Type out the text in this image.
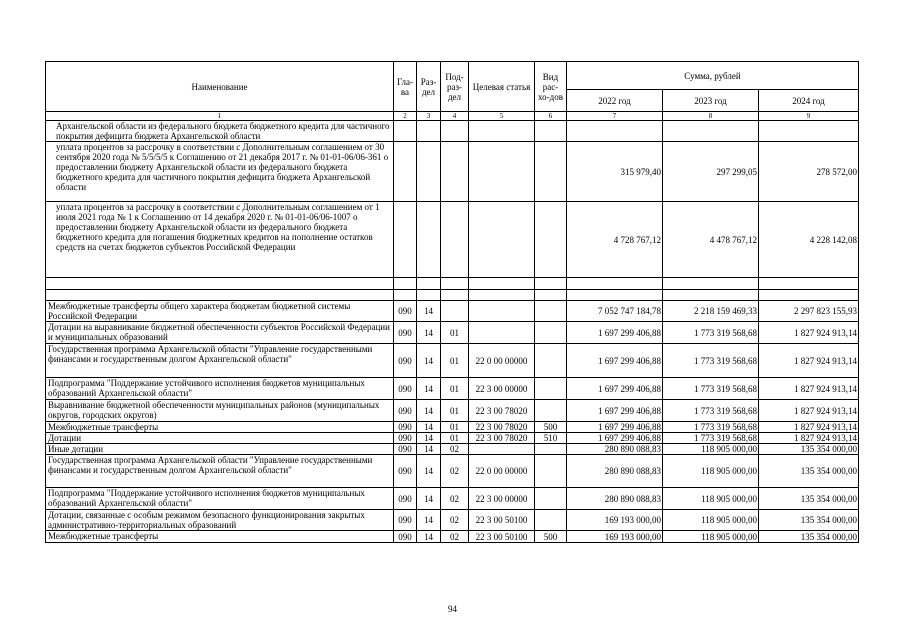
Наименование	Гла-ва	Раз-дел	Под-раз-дел	Целевая статья	Вид рас-хо-дов	Сумма, рублей		
						2022 год	2023 год	2024 год
1	2	3	4	5	6	7	8	9
Архангельской области из федерального бюджета бюджетного кредита для частичного покрытия дефицита бюджета Архангельской области								
уплата процентов за рассрочку в соответствии с Дополнительным соглашением от 30 сентября 2020 года № 5/5/5/5 к Соглашению от 21 декабря 2017 г. № 01-01-06/06-361 о предоставлении бюджету Архангельской области из федерального бюджета бюджетного кредита для частичного покрытия дефицита бюджета Архангельской области						315 979,40	297 299,05	278 572,00
уплата процентов за рассрочку в соответствии с Дополнительным соглашением от 1 июля 2021 года № 1 к Соглашению от 14 декабря 2020 г. № 01-01-06/06-1007 о предоставлении бюджету Архангельской области из федерального бюджета бюджетного кредита для погашения бюджетных кредитов на пополнение остатков средств на счетах бюджетов субъектов Российской Федерации						4 728 767,12	4 478 767,12	4 228 142,08

Межбюджетные трансферты общего характера бюджетам бюджетной системы Российской Федерации	090	14				7 052 747 184,78	2 218 159 469,33	2 297 823 155,93
Дотации на выравнивание бюджетной обеспеченности субъектов Российской Федерации и муниципальных образований	090	14	01			1 697 299 406,88	1 773 319 568,68	1 827 924 913,14
Государственная программа Архангельской области "Управление государственными финансами и государственным долгом Архангельской области"	090	14	01	22 0 00 00000		1 697 299 406,88	1 773 319 568,68	1 827 924 913,14
Подпрограмма "Поддержание устойчивого исполнения бюджетов муниципальных образований Архангельской области"	090	14	01	22 3 00 00000		1 697 299 406,88	1 773 319 568,68	1 827 924 913,14
Выравнивание бюджетной обеспеченности муниципальных районов (муниципальных округов, городских округов)	090	14	01	22 3 00 78020		1 697 299 406,88	1 773 319 568,68	1 827 924 913,14
Межбюджетные трансферты	090	14	01	22 3 00 78020	500	1 697 299 406,88	1 773 319 568,68	1 827 924 913,14
Дотации	090	14	01	22 3 00 78020	510	1 697 299 406,88	1 773 319 568,68	1 827 924 913,14
Иные дотации	090	14	02			280 890 088,83	118 905 000,00	135 354 000,00
Государственная программа Архангельской области "Управление государственными финансами и государственным долгом Архангельской области"	090	14	02	22 0 00 00000		280 890 088,83	118 905 000,00	135 354 000,00
Подпрограмма "Поддержание устойчивого исполнения бюджетов муниципальных образований Архангельской области"	090	14	02	22 3 00 00000		280 890 088,83	118 905 000,00	135 354 000,00
Дотации, связанные с особым режимом безопасного функционирования закрытых административно-территориальных образований	090	14	02	22 3 00 50100		169 193 000,00	118 905 000,00	135 354 000,00
Межбюджетные трансферты	090	14	02	22 3 00 50100	500	169 193 000,00	118 905 000,00	135 354 000,00
94
